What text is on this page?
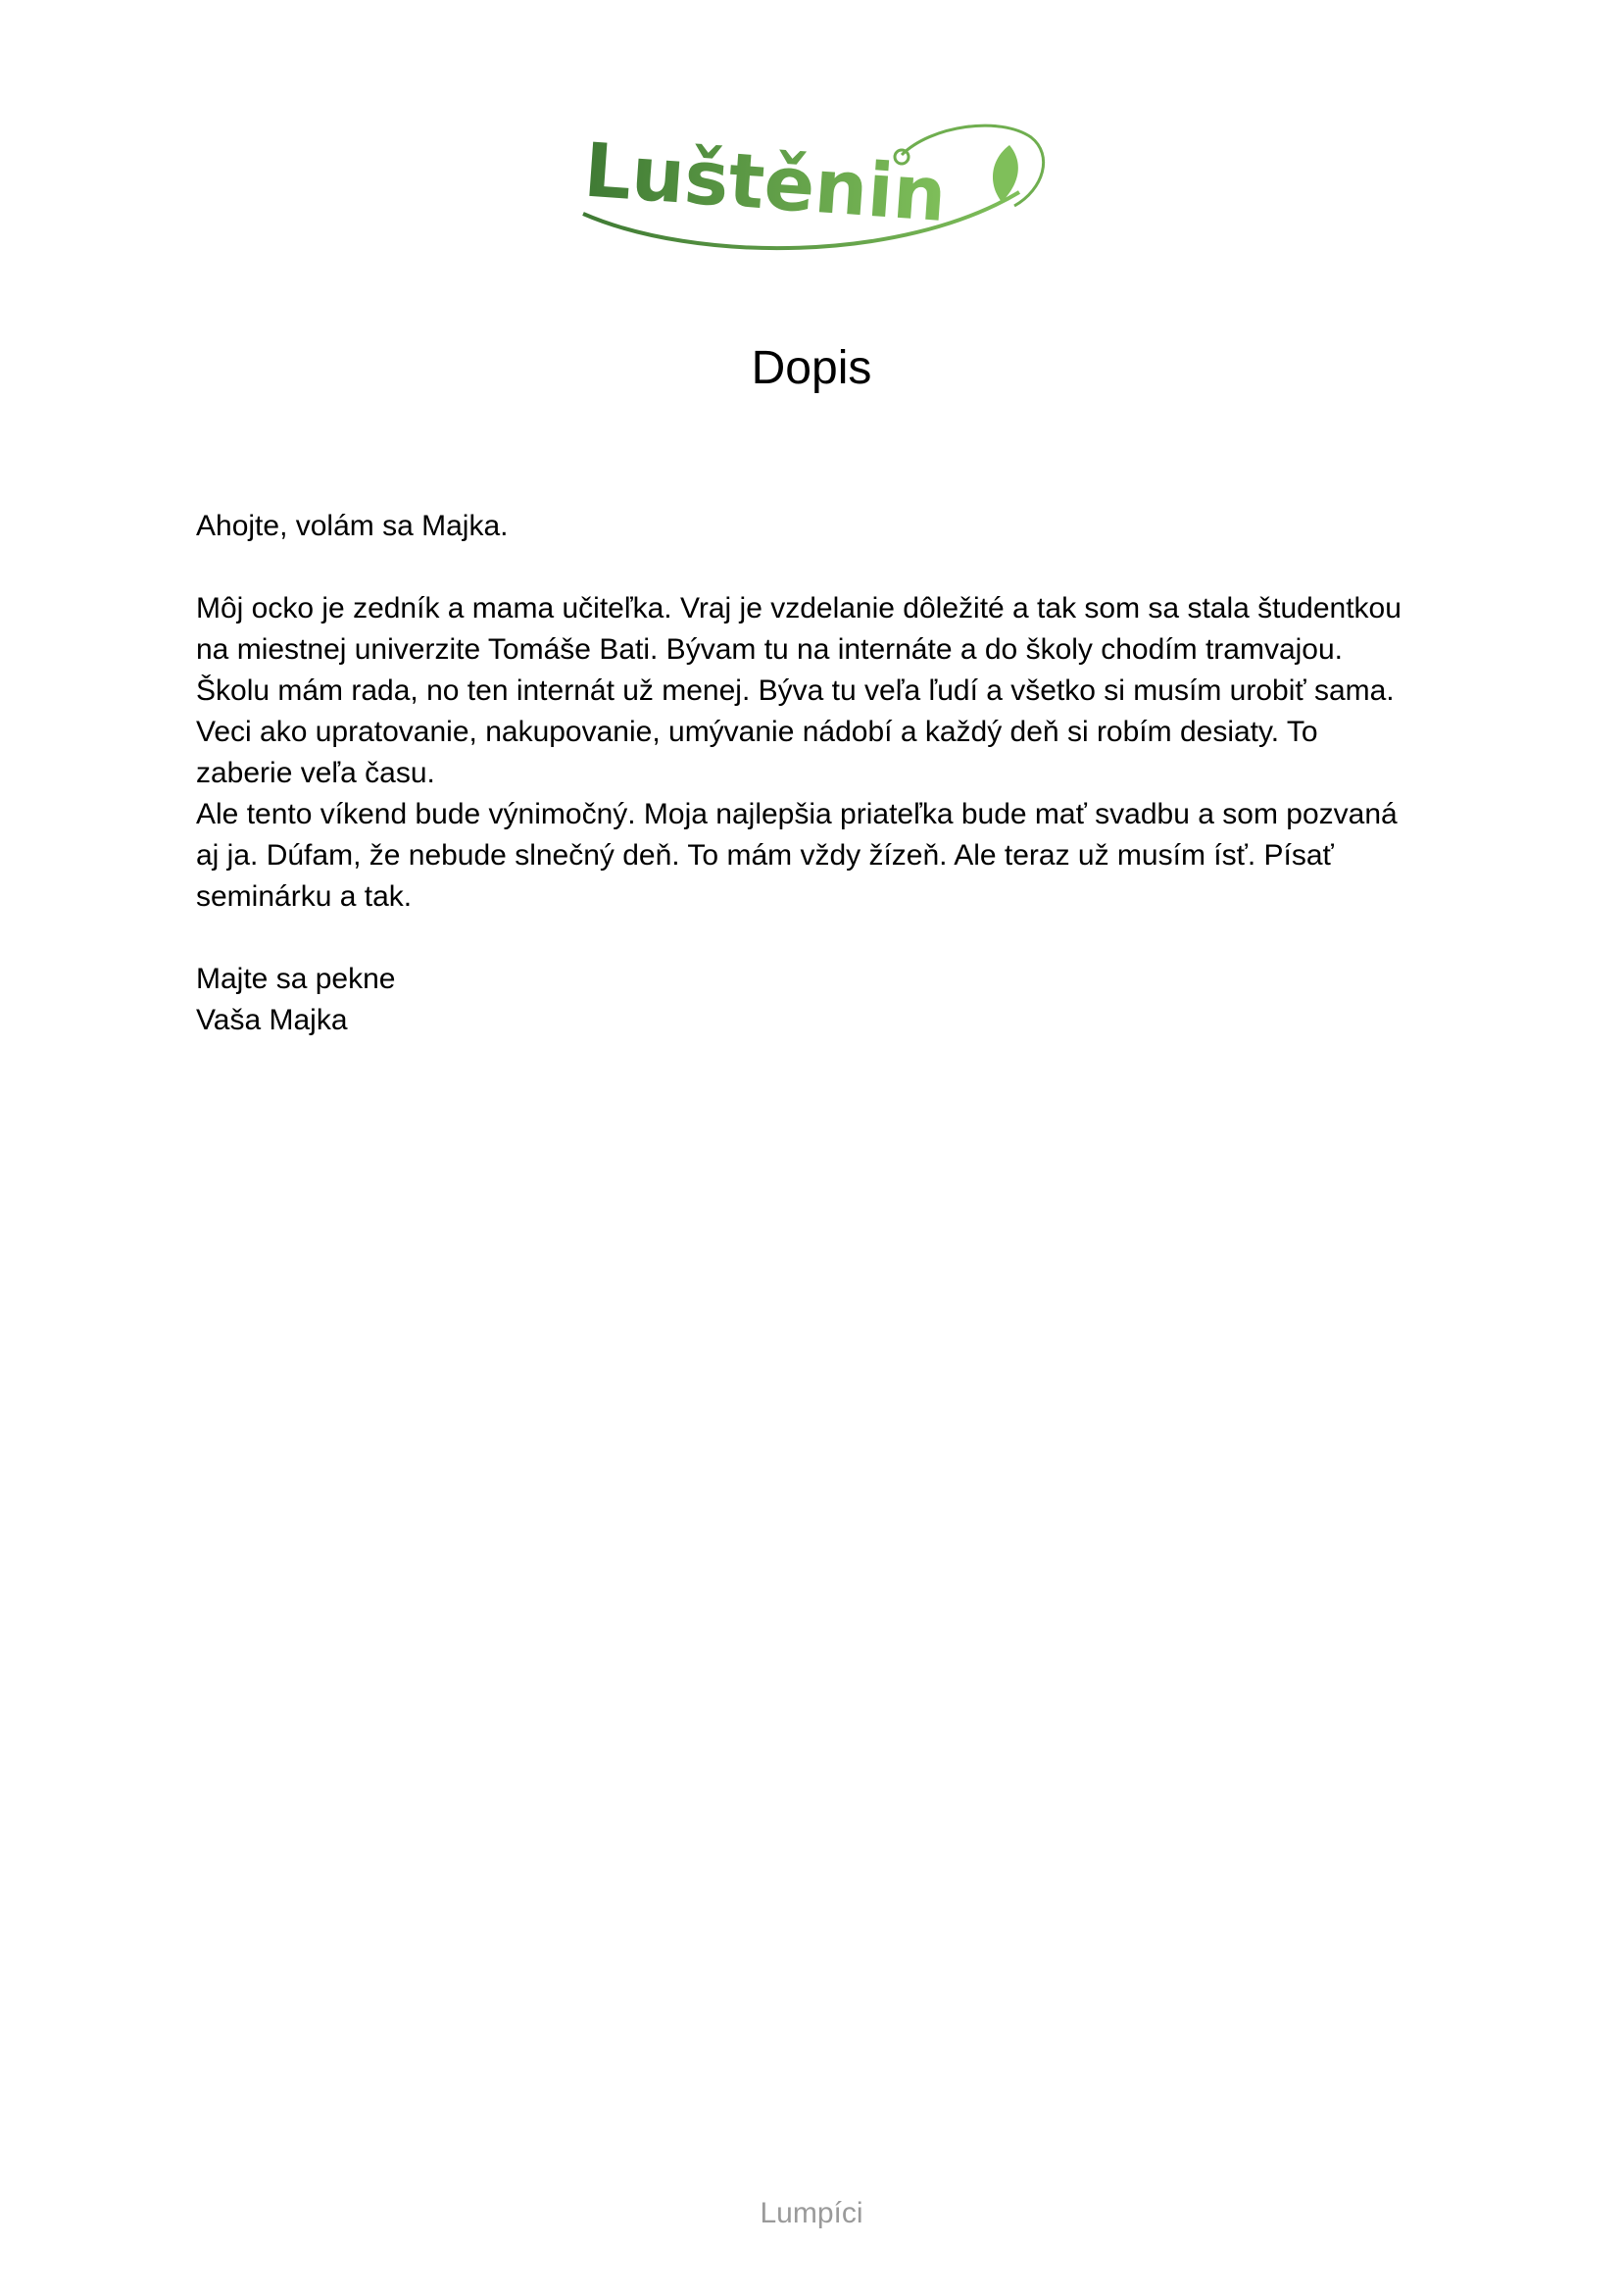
Luštěnin
Dopis

Ahojte, volám sa Majka.

Môj ocko je zedník a mama učiteľka. Vraj je vzdelanie dôležité a tak som sa stala študentkou

na miestnej univerzite Tomáše Bati. Bývam tu na internáte a do školy chodím tramvajou.

Školu mám rada, no ten internát už menej. Býva tu veľa ľudí a všetko si musím urobiť sama.

Veci ako upratovanie, nakupovanie, umývanie nádobí a každý deň si robím desiaty. To

zaberie veľa času.

Ale tento víkend bude výnimočný. Moja najlepšia priateľka bude mať svadbu a som pozvaná

aj ja. Dúfam, že nebude slnečný deň. To mám vždy žízeň. Ale teraz už musím ísť. Písať

seminárku a tak.

Majte sa pekne

Vaša Majka

Lumpíci
